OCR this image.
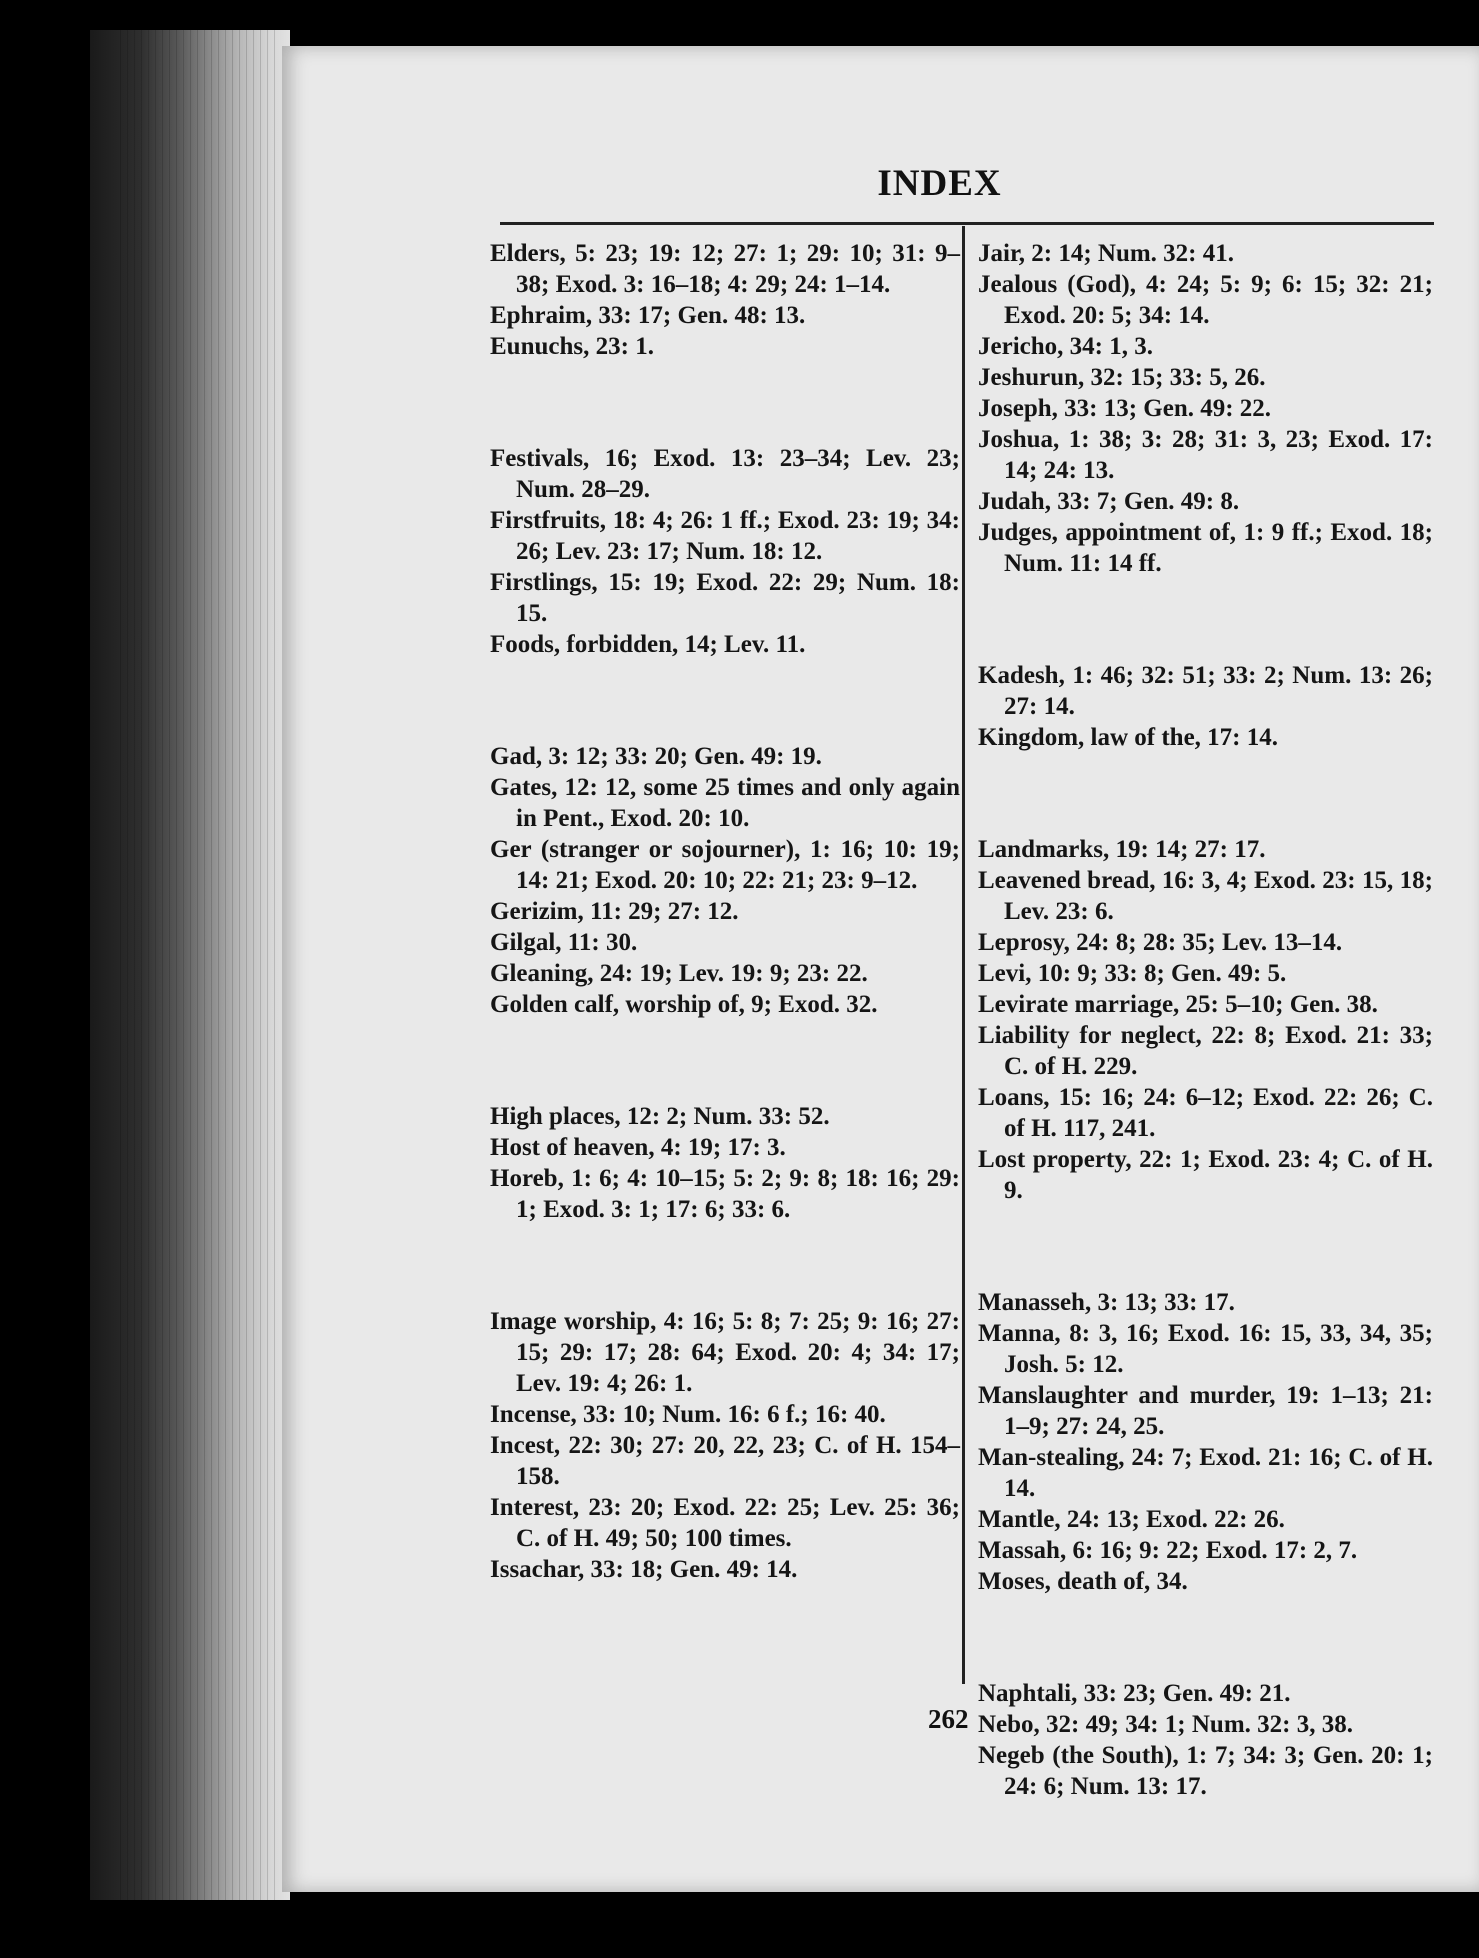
INDEX

Elders, 5: 23; 19: 12; 27: 1; 29: 10; 31: 9–38; Exod. 3: 16–18; 4: 29; 24: 1–14.

Ephraim, 33: 17; Gen. 48: 13.

Eunuchs, 23: 1.

Festivals, 16; Exod. 13: 23–34; Lev. 23; Num. 28–29.

Firstfruits, 18: 4; 26: 1 ff.; Exod. 23: 19; 34: 26; Lev. 23: 17; Num. 18: 12.

Firstlings, 15: 19; Exod. 22: 29; Num. 18: 15.

Foods, forbidden, 14; Lev. 11.

Gad, 3: 12; 33: 20; Gen. 49: 19.

Gates, 12: 12, some 25 times and only again in Pent., Exod. 20: 10.

Ger (stranger or sojourner), 1: 16; 10: 19; 14: 21; Exod. 20: 10; 22: 21; 23: 9–12.

Gerizim, 11: 29; 27: 12.

Gilgal, 11: 30.

Gleaning, 24: 19; Lev. 19: 9; 23: 22.

Golden calf, worship of, 9; Exod. 32.

High places, 12: 2; Num. 33: 52.

Host of heaven, 4: 19; 17: 3.

Horeb, 1: 6; 4: 10–15; 5: 2; 9: 8; 18: 16; 29: 1; Exod. 3: 1; 17: 6; 33: 6.

Image worship, 4: 16; 5: 8; 7: 25; 9: 16; 27: 15; 29: 17; 28: 64; Exod. 20: 4; 34: 17; Lev. 19: 4; 26: 1.

Incense, 33: 10; Num. 16: 6 f.; 16: 40.

Incest, 22: 30; 27: 20, 22, 23; C. of H. 154–158.

Interest, 23: 20; Exod. 22: 25; Lev. 25: 36; C. of H. 49; 50; 100 times.

Issachar, 33: 18; Gen. 49: 14.

Jair, 2: 14; Num. 32: 41.

Jealous (God), 4: 24; 5: 9; 6: 15; 32: 21; Exod. 20: 5; 34: 14.

Jericho, 34: 1, 3.

Jeshurun, 32: 15; 33: 5, 26.

Joseph, 33: 13; Gen. 49: 22.

Joshua, 1: 38; 3: 28; 31: 3, 23; Exod. 17: 14; 24: 13.

Judah, 33: 7; Gen. 49: 8.

Judges, appointment of, 1: 9 ff.; Exod. 18; Num. 11: 14 ff.

Kadesh, 1: 46; 32: 51; 33: 2; Num. 13: 26; 27: 14.

Kingdom, law of the, 17: 14.

Landmarks, 19: 14; 27: 17.

Leavened bread, 16: 3, 4; Exod. 23: 15, 18; Lev. 23: 6.

Leprosy, 24: 8; 28: 35; Lev. 13–14.

Levi, 10: 9; 33: 8; Gen. 49: 5.

Levirate marriage, 25: 5–10; Gen. 38.

Liability for neglect, 22: 8; Exod. 21: 33; C. of H. 229.

Loans, 15: 16; 24: 6–12; Exod. 22: 26; C. of H. 117, 241.

Lost property, 22: 1; Exod. 23: 4; C. of H. 9.

Manasseh, 3: 13; 33: 17.

Manna, 8: 3, 16; Exod. 16: 15, 33, 34, 35; Josh. 5: 12.

Manslaughter and murder, 19: 1–13; 21: 1–9; 27: 24, 25.

Man-stealing, 24: 7; Exod. 21: 16; C. of H. 14.

Mantle, 24: 13; Exod. 22: 26.

Massah, 6: 16; 9: 22; Exod. 17: 2, 7.

Moses, death of, 34.

Naphtali, 33: 23; Gen. 49: 21.

Nebo, 32: 49; 34: 1; Num. 32: 3, 38.

Negeb (the South), 1: 7; 34: 3; Gen. 20: 1; 24: 6; Num. 13: 17.

262
